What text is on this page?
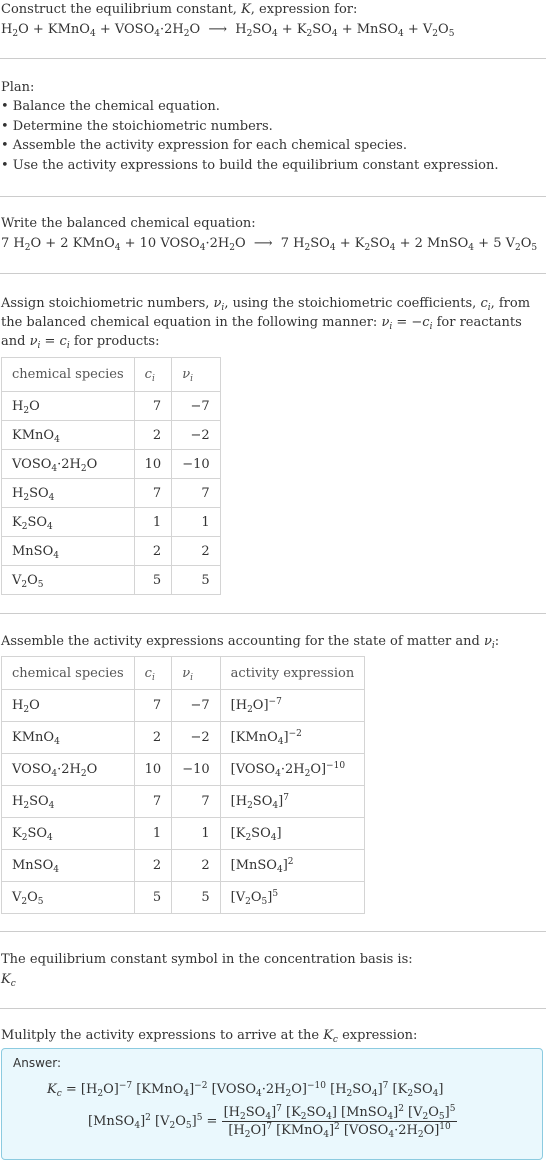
Construct the equilibrium constant, K, expression for:
$H_2O$ + KMnO$_4$ + $VOSO_4\cdot 2H_2O$  ⟶  $H_2SO_4 + K_2SO_4$ + MnSO$_4$ + $V_2O_5$
Plan:
• Balance the chemical equation.
• Determine the stoichiometric numbers.
• Assemble the activity expression for each chemical species.
• Use the activity expressions to build the equilibrium constant expression.
Write the balanced chemical equation:
7 $H_2O + 2$ KMnO$_4$ + 10 $VOSO_4\cdot 2H_2O$  ⟶  7 $H_2SO_4 + K_2SO_4 + 2$ MnSO$_4$ + 5 $V_2O_5$
Assign stoichiometric numbers, $\nu_i$, using the stoichiometric coefficients, $c_i$, from
the balanced chemical equation in the following manner: $\nu_i = -c_i$ for reactants
and $\nu_i = c_i$ for products:
chemical species	$c_i$	$\nu_i$
$H_2O$	7	−7
KMnO$_4$	2	−2
$VOSO_4\cdot 2H_2O$	10	−10
$H_2SO_4$	7	7
$K_2SO_4$	1	1
MnSO$_4$	2	2
$V_2O_5$	5	5
Assemble the activity expressions accounting for the state of matter and $\nu_i$:
chemical species	$c_i$	$\nu_i$	activity expression
$H_2O$	7	−7	$[H_2O]^{-7}$
KMnO$_4$	2	−2	[KMnO$_4$]$^{-2}$
$VOSO_4\cdot 2H_2O$	10	−10	$[VOSO_4\cdot 2H_2O]^{-10}$
$H_2SO_4$	7	7	$[H_2SO_4]^7$
$K_2SO_4$	1	1	$[K_2SO_4]$
MnSO$_4$	2	2	[MnSO$_4$]$^2$
$V_2O_5$	5	5	$[V_2O_5]^5$
The equilibrium constant symbol in the concentration basis is:
$K_c$
Mulitply the activity expressions to arrive at the $K_c$ expression:
Answer:
$K_c = [H_2O]^{-7}$ [KMnO$_4$]$^{-2}$ $[VOSO_4\cdot 2H_2O]^{-10}$ $[H_2SO_4]^7$ $[K_2SO_4]$
[MnSO$_4$]$^2$ $[V_2O_5]^5 = \frac{[H_2SO_4]^7 [K_2SO_4] [MnSO_4]^2 [V_2O_5]^5}{[H_2O]^7 [KMnO_4]^2 [VOSO_4\cdot 2H_2O]^{10}}$
